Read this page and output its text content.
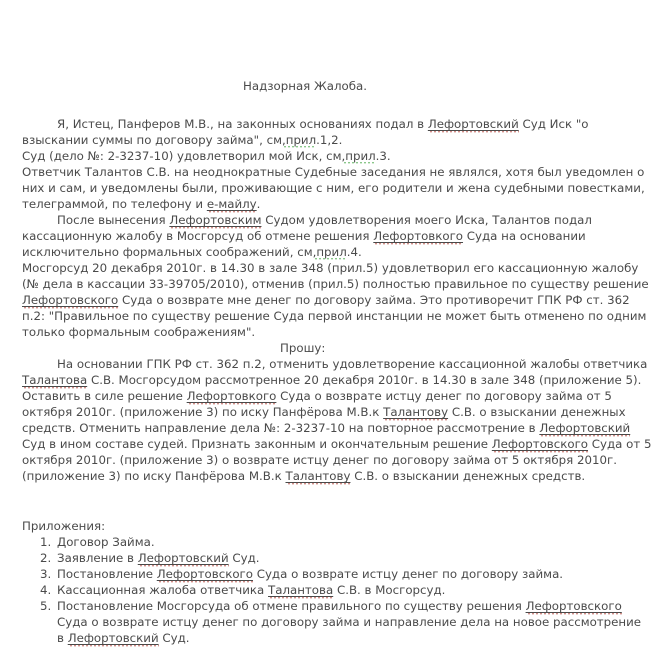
Надзорная Жалоба.
Я, Истец, Панферов М.В., на законных основаниях подал в Лефортовский Суд Иск "о
взыскании суммы по договору займа", см,прил.1,2.
Суд (дело №: 2-3237-10) удовлетворил мой Иск, см,прил.3.
Ответчик Талантов С.В. на неоднократные Судебные заседания не являлся, хотя был уведомлен о
них и сам, и уведомлены были, проживающие с ним, его родители и жена судебными повестками,
телеграммой, по телефону и е-майлу.
После вынесения Лефортовским Судом удовлетворения моего Иска, Талантов подал
кассационную жалобу в Мосгорсуд об отмене решения Лефортовкого Суда на основании
исключительно формальных соображений, см,прил.4.
Мосгорсуд 20 декабря 2010г. в 14.30 в зале 348 (прил.5) удовлетворил его кассационную жалобу
(№ дела в кассации 33-39705/2010), отменив (прил.5) полностью правильное по существу решение
Лефортовского Суда о возврате мне денег по договору займа. Это противоречит ГПК РФ ст. 362
п.2: "Правильное по существу решение Суда первой инстанции не может быть отменено по одним
только формальным соображениям".
Прошу:
На основании ГПК РФ ст. 362 п.2, отменить удовлетворение кассационной жалобы ответчика
Талантова С.В. Мосгорсудом рассмотренное 20 декабря 2010г. в 14.30 в зале 348 (приложение 5).
Оставить в силе решение Лефортовкого Суда о возврате истцу денег по договору займа от 5
октября 2010г. (приложение 3) по иску Панфёрова М.В.к Талантову С.В. о взыскании денежных
средств. Отменить направление дела №: 2-3237-10 на повторное рассмотрение в Лефортовский
Суд в ином составе судей. Признать законным и окончательным решение Лефортовского Суда от 5
октября 2010г. (приложение 3) о возврате истцу денег по договору займа от 5 октября 2010г.
(приложение 3) по иску Панфёрова М.В.к Талантову С.В. о взыскании денежных средств.
Приложения:
1. Договор Займа.
2. Заявление в Лефортовский Суд.
3. Постановление Лефортовского Суда о возврате истцу денег по договору займа.
4. Кассационная жалоба ответчика Талантова С.В. в Мосгорсуд.
5. Постановление Мосгорсуда об отмене правильного по существу решения Лефортовского
Суда о возврате истцу денег по договору займа и направление дела на новое рассмотрение
в Лефортовский Суд.
